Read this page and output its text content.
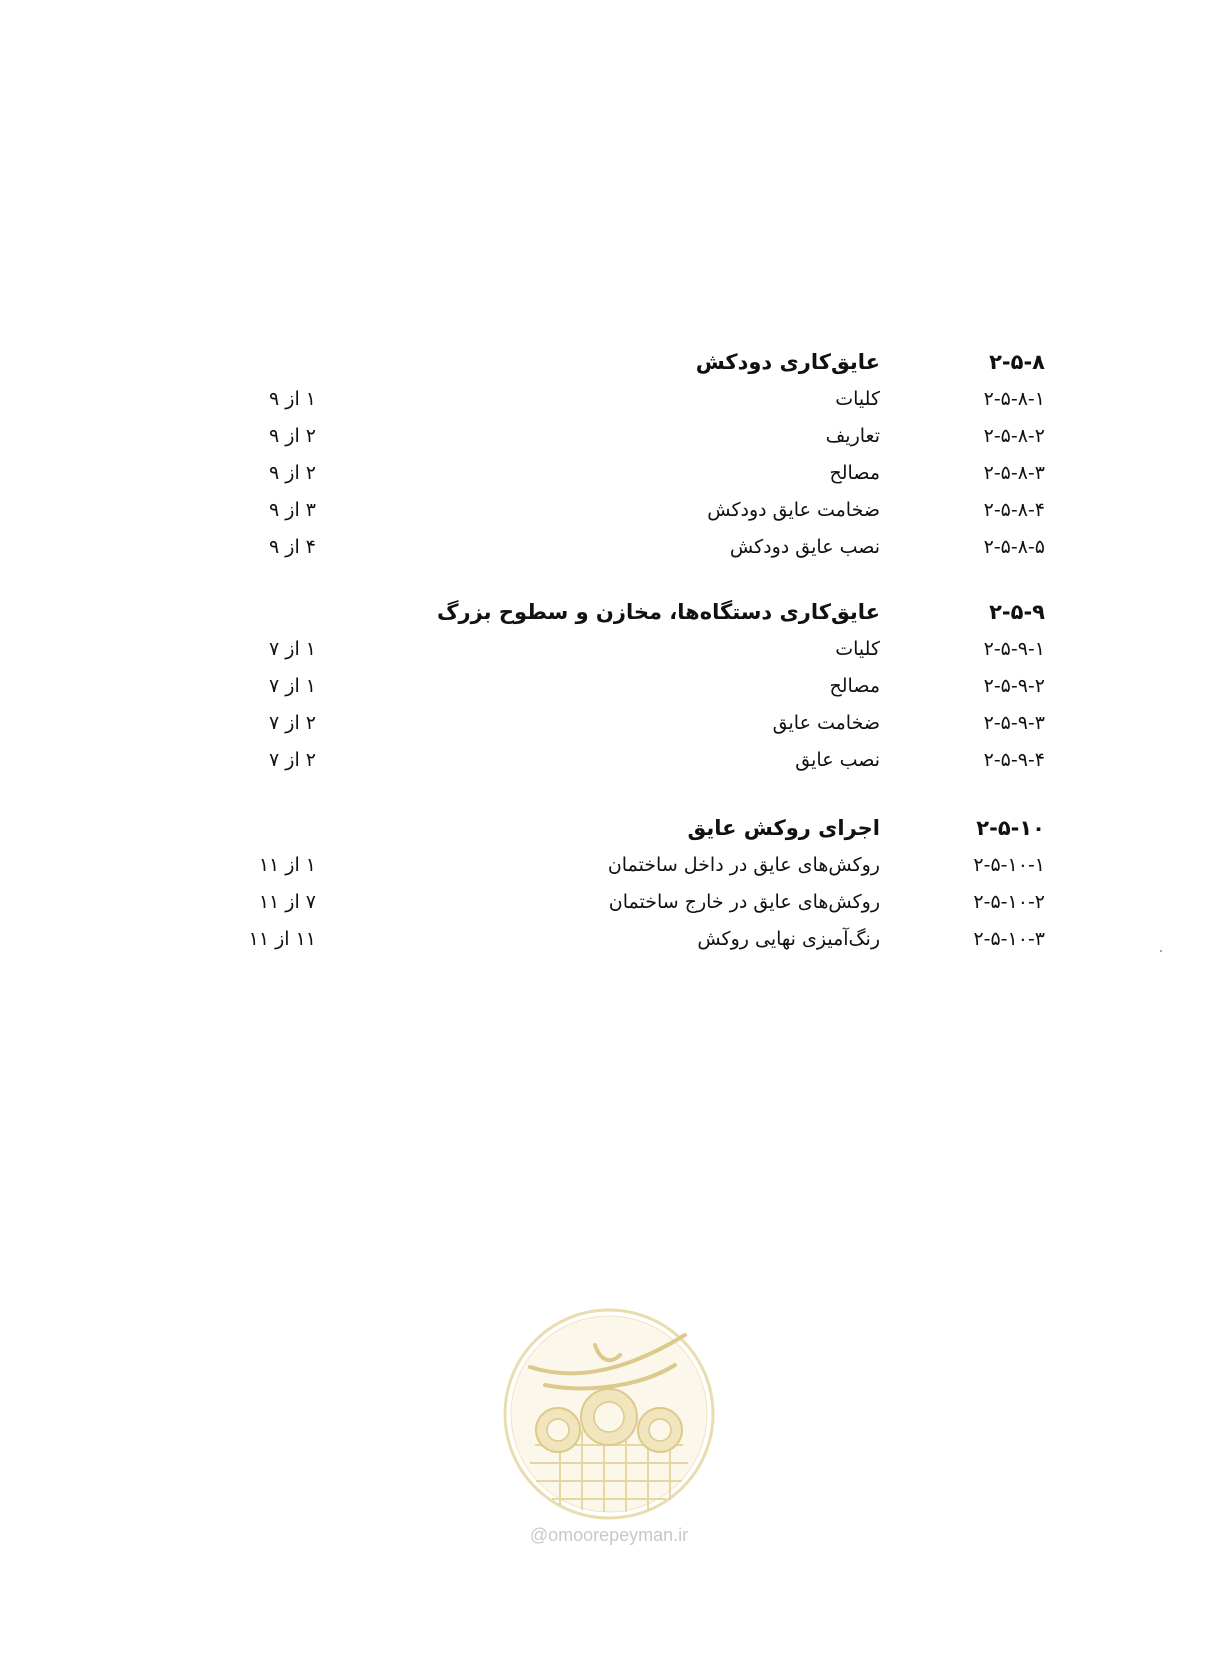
۲-۵-۸
عایق‌کاری دودکش
۲-۵-۸-۱
کلیات
۱ از ۹
۲-۵-۸-۲
تعاریف
۲ از ۹
۲-۵-۸-۳
مصالح
۲ از ۹
۲-۵-۸-۴
ضخامت عایق دودکش
۳ از ۹
۲-۵-۸-۵
نصب عایق دودکش
۴ از ۹
۲-۵-۹
عایق‌کاری دستگاه‌ها، مخازن و سطوح بزرگ
۲-۵-۹-۱
کلیات
۱ از ۷
۲-۵-۹-۲
مصالح
۱ از ۷
۲-۵-۹-۳
ضخامت عایق
۲ از ۷
۲-۵-۹-۴
نصب عایق
۲ از ۷
۲-۵-۱۰
اجرای روکش عایق
۲-۵-۱۰-۱
روکش‌های عایق در داخل ساختمان
۱ از ۱۱
۲-۵-۱۰-۲
روکش‌های عایق در خارج ساختمان
۷ از ۱۱
۲-۵-۱۰-۳
رنگ‌آمیزی نهایی روکش
۱۱ از ۱۱
@omoorepeyman.ir
